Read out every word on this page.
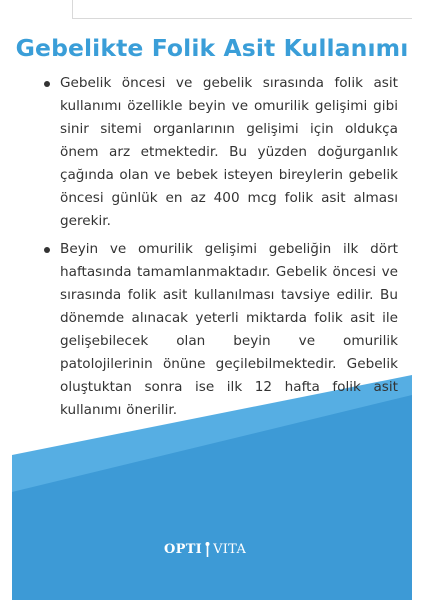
Gebelikte Folik Asit Kullanımı
Gebelik öncesi ve gebelik sırasında folik asit kullanımı özellikle beyin ve omurilik gelişimi gibi sinir sitemi organlarının gelişimi için oldukça önem arz etmektedir. Bu yüzden doğurganlık çağında olan ve bebek isteyen bireylerin gebelik öncesi günlük en az 400 mcg folik asit alması gerekir.
Beyin ve omurilik gelişimi gebeliğin ilk dört haftasında tamamlanmaktadır. Gebelik öncesi ve sırasında folik asit kullanılması tavsiye edilir. Bu dönemde alınacak yeterli miktarda folik asit ile gelişebilecek olan beyin ve omurilik patolojilerinin önüne geçilebilmektedir. Gebelik oluştuktan sonra ise ilk 12 hafta folik asit kullanımı önerilir.
OPTI VITA
